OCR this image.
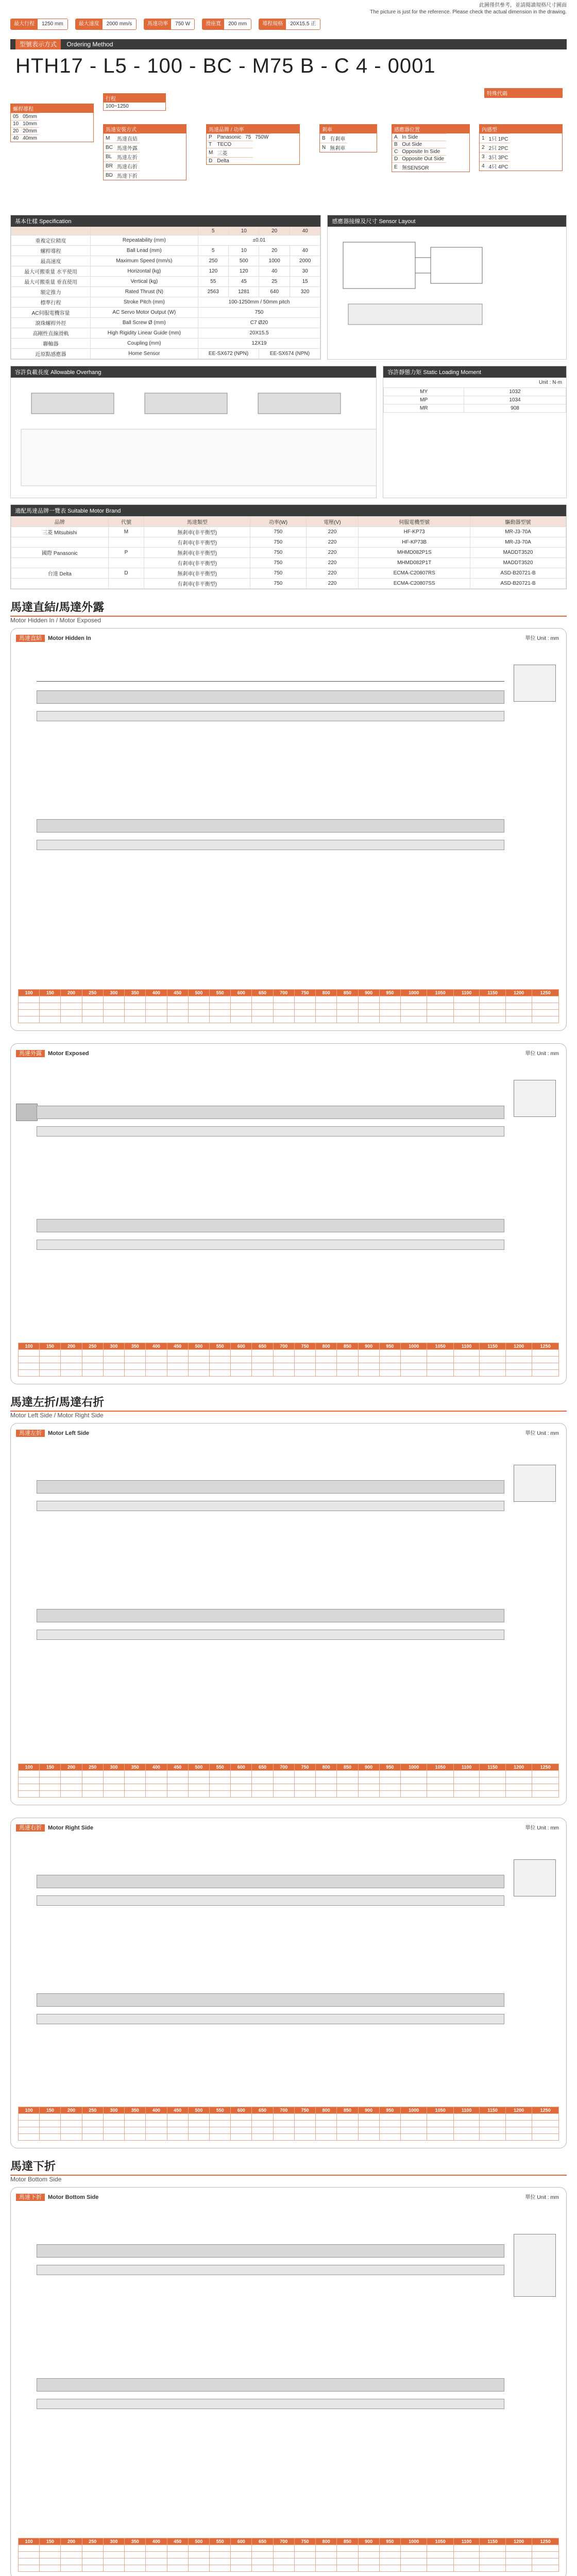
此圖僅供參考，並請閱讀規格尺寸圖面
The picture is just for the reference. Please check the actual dimension in the drawing.
最大行程	1250 mm	最大速度	2000 mm/s	馬達功率	750 W	滑座寬	200 mm	導程規格	20X15.5 正
型號表示方式 Ordering Method
HTH17 - L5 - 100 - BC - M75 B - C 4 - 0001
螺桿導程
05	05mm
10	10mm
20	20mm
40	40mm
行程
100~1250
馬達安裝方式
M	馬達直結
BC	馬達外露
BL	馬達左折
BR	馬達右折
BD	馬達下折
馬達品牌 / 功率
P	Panasonic	75	750W
T	TECO		
M	三菱		
D	Delta		
剎車
B	有剎車
N	無剎車
感應器位置
A	In Side
B	Out Side
C	Opposite In Side
D	Opposite Out Side
E	無SENSOR
內感型
1	1只 1PC
2	2只 2PC
3	3只 3PC
4	4只 4PC
特殊代碼
基本仕樣 Specification
		5	10	20	40
重複定位精度	Repeatability (mm)	±0.01			
螺桿導程	Ball Lead (mm)	5	10	20	40
最高速度	Maximum Speed (mm/s)	250	500	1000	2000
最大可搬重量 水平使用	Horizontal (kg)	120	120	40	30
最大可搬重量 垂直使用	Vertical (kg)	55	45	25	15
額定推力	Rated Thrust (N)	2563	1281	640	320
標準行程	Stroke Pitch (mm)	100-1250mm / 50mm pitch			
AC伺服電機容量	AC Servo Motor Output (W)	750			
滾珠螺桿外徑	Ball Screw Ø (mm)	C7 Ø20			
高剛性直線滑軌	High Rigidity Linear Guide (mm)	20X15.5			
聯軸器	Coupling (mm)	12X19			
近原點感應器	Home Sensor	EE-SX672 (NPN)		EE-SX674 (NPN)	
感應器接線及尺寸 Sensor Layout
容許負載長度 Allowable Overhang	容許靜態力矩 Static Loading Moment
Unit : N·m
MY	1032
MP	1034
MR	908
適配馬達品牌一覽表 Suitable Motor Brand
品牌	代號	馬達類型	功率(W)	電壓(V)	伺服電機型號	驅動器型號
三菱 Mitsubishi	M	無剎車(非平衡型)	750	220	HF-KP73	MR-J3-70A
		有剎車(非平衡型)	750	220	HF-KP73B	MR-J3-70A
國際 Panasonic	P	無剎車(非平衡型)	750	220	MHMD082P1S	MADDT3520
		有剎車(非平衡型)	750	220	MHMD082P1T	MADDT3520
台達 Delta	D	無剎車(非平衡型)	750	220	ECMA-C20807RS	ASD-B20721-B
		有剎車(非平衡型)	750	220	ECMA-C20807SS	ASD-B20721-B
馬達直結/馬達外露
Motor Hidden In / Motor Exposed
馬達直結 Motor Hidden In	單位 Unit : mm
100	150	200	250	300	350	400	450	500	550	600	650	700	750	800	850	900	950	1000	1050	1100	1150	1200	1250

馬達外露 Motor Exposed	單位 Unit : mm
100	150	200	250	300	350	400	450	500	550	600	650	700	750	800	850	900	950	1000	1050	1100	1150	1200	1250

馬達左折/馬達右折
Motor Left Side / Motor Right Side
馬達左折 Motor Left Side	單位 Unit : mm
100	150	200	250	300	350	400	450	500	550	600	650	700	750	800	850	900	950	1000	1050	1100	1150	1200	1250

馬達右折 Motor Right Side	單位 Unit : mm
100	150	200	250	300	350	400	450	500	550	600	650	700	750	800	850	900	950	1000	1050	1100	1150	1200	1250

馬達下折
Motor Bottom Side
馬達下折 Motor Bottom Side	單位 Unit : mm
100	150	200	250	300	350	400	450	500	550	600	650	700	750	800	850	900	950	1000	1050	1100	1150	1200	1250
